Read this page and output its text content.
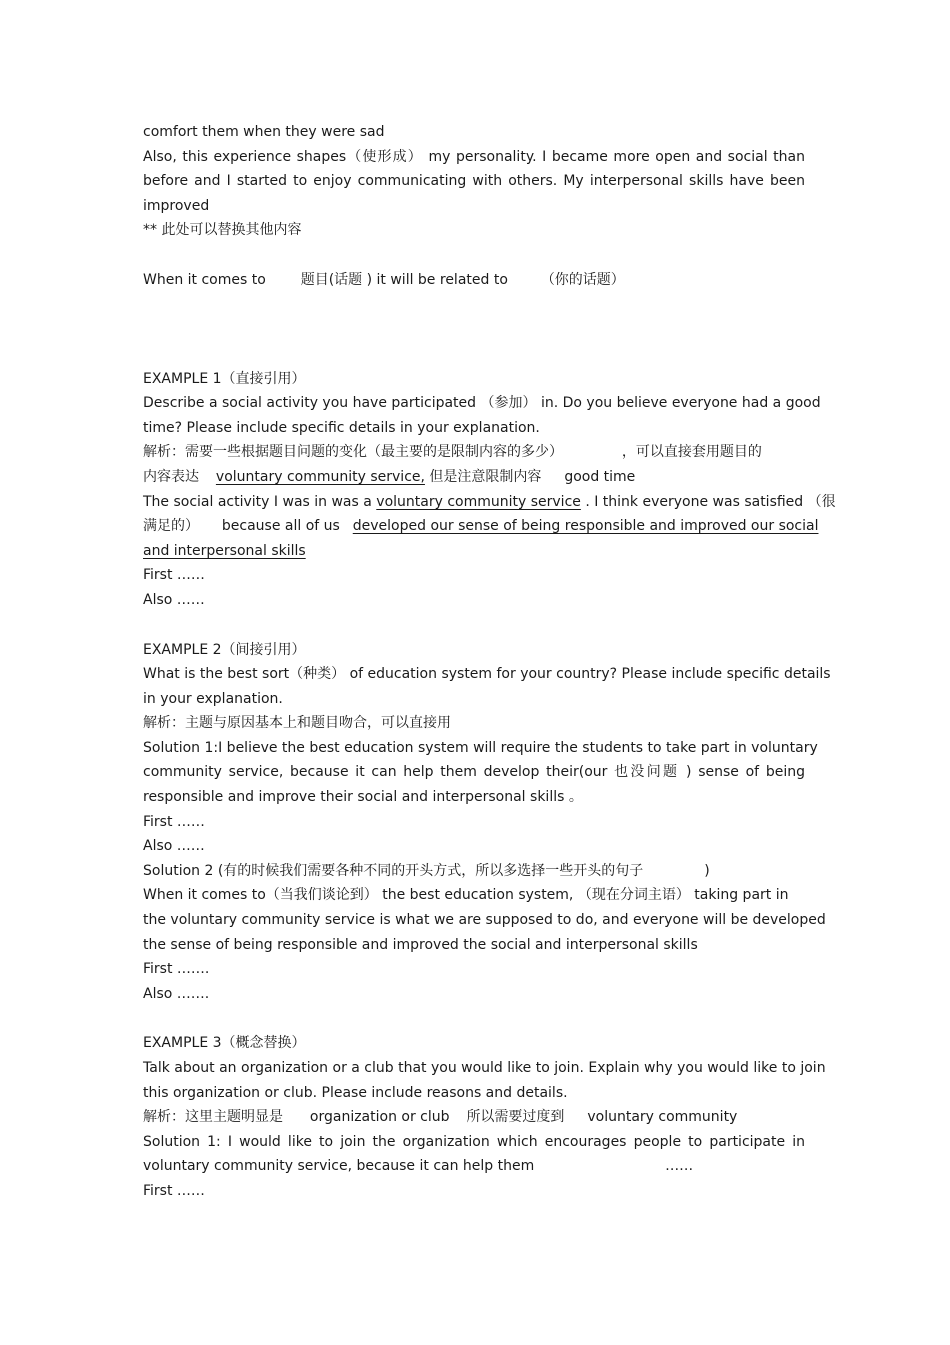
comfort them when they were sad
Also, this experience shapes（使形成） my personality. I became more open and social than
before and I started to enjoy communicating with others. My interpersonal skills have been
improved
** 此处可以替换其他内容
When it comes to 题目(话题 ) it will be related to （你的话题）
EXAMPLE 1（直接引用）
Describe a social activity you have participated （参加） in. Do you believe everyone had a good
time? Please include specific details in your explanation.
解析：需要一些根据题目问题的变化（最主要的是限制内容的多少）	，可以直接套用题目的
内容表达 voluntary community service, 但是注意限制内容 good time
The social activity I was in was a voluntary community service . I think everyone was satisfied （很
满足的） because all of us developed our sense of being responsible and improved our social
and interpersonal skills
First ……
Also ……
EXAMPLE 2（间接引用）
What is the best sort（种类） of education system for your country? Please include specific details
in your explanation.
解析：主题与原因基本上和题目吻合，可以直接用
Solution 1:I believe the best education system will require the students to take part in voluntary
community service, because it can help them develop their(our 也没问题 ) sense of being
responsible and improve their social and interpersonal skills 。
First ……
Also ……
Solution 2 (有的时候我们需要各种不同的开头方式，所以多选择一些开头的句子	)
When it comes to（当我们谈论到） the best education system, （现在分词主语） taking part in
the voluntary community service is what we are supposed to do, and everyone will be developed
the sense of being responsible and improved the social and interpersonal skills
First …….
Also …….
EXAMPLE 3（概念替换）
Talk about an organization or a club that you would like to join. Explain why you would like to join
this organization or club. Please include reasons and details.
解析：这里主题明显是 organization or club 所以需要过度到 voluntary community
Solution 1: I would like to join the organization which encourages people to participate in
voluntary community service, because it can help them	……
First ……
